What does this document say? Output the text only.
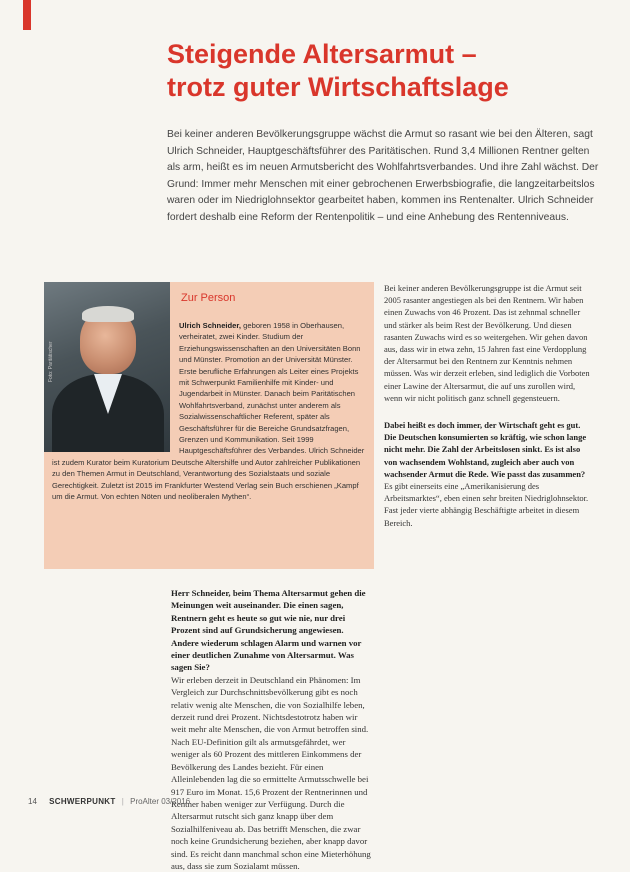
Steigende Altersarmut –
trotz guter Wirtschaftslage

Bei keiner anderen Bevölkerungsgruppe wächst die Armut so rasant wie bei den Älteren, sagt Ulrich Schneider, Hauptgeschäftsführer des Paritätischen. Rund 3,4 Millionen Rentner gelten als arm, heißt es im neuen Armutsbericht des Wohlfahrtsverbandes. Und ihre Zahl wächst. Der Grund: Immer mehr Menschen mit einer gebrochenen Erwerbsbiografie, die langzeitarbeitslos waren oder im Niedriglohnsektor gearbeitet haben, kommen ins Rentenalter. Ulrich Schneider fordert deshalb eine Reform der Rentenpolitik – und eine Anhebung des Rentenniveaus.

Foto: Paritätischer
Zur Person

Ulrich Schneider, geboren 1958 in Oberhausen, verheiratet, zwei Kinder. Studium der Erziehungswissenschaften an den Universitäten Bonn und Münster. Promotion an der Universität Münster. Erste berufliche Erfahrungen als Leiter eines Projekts mit Schwerpunkt Familienhilfe mit Kinder- und Jugendarbeit in Münster. Danach beim Paritätischen Wohlfahrtsverband, zunächst unter anderem als Sozialwissenschaftlicher Referent, später als Geschäftsführer für die Bereiche Grundsatzfragen, Grenzen und Kommunikation. Seit 1999 Hauptgeschäftsführer des Verbandes. Ulrich Schneider ist zudem Kurator beim Kuratorium Deutsche Altershilfe und Autor zahlreicher Publikationen zu den Themen Armut in Deutschland, Verantwortung des Sozialstaats und soziale Gerechtigkeit. Zuletzt ist 2015 im Frankfurter Westend Verlag sein Buch erschienen „Kampf um die Armut. Von echten Nöten und neoliberalen Mythen“.

Herr Schneider, beim Thema Altersarmut gehen die Meinungen weit auseinander. Die einen sagen, Rentnern geht es heute so gut wie nie, nur drei Prozent sind auf Grundsicherung angewiesen. Andere wiederum schlagen Alarm und warnen vor einer deutlichen Zunahme von Altersarmut. Was sagen Sie?
Wir erleben derzeit in Deutschland ein Phänomen: Im Vergleich zur Durchschnittsbevölkerung gibt es noch relativ wenig alte Menschen, die von Sozialhilfe leben, derzeit rund drei Prozent. Nichtsdestotrotz haben wir weit mehr alte Menschen, die von Armut betroffen sind. Nach EU-Definition gilt als armutsgefährdet, wer weniger als 60 Prozent des mittleren Einkommens der Bevölkerung des Landes bezieht. Für einen Alleinlebenden lag die so ermittelte Armutsschwelle bei 917 Euro im Monat. 15,6 Prozent der Rentnerinnen und Rentner haben weniger zur Verfügung. Durch die Altersarmut rutscht sich ganz knapp über dem Sozialhilfeniveau ab. Das betrifft Menschen, die zwar noch keine Grundsicherung beziehen, aber knapp davor sind. Es reicht dann manchmal schon eine Mieterhöhung aus, dass sie zum Sozialamt müssen.

Bei keiner anderen Bevölkerungsgruppe ist die Armut seit 2005 rasanter angestiegen als bei den Rentnern. Wir haben einen Zuwachs von 46 Prozent. Das ist zehnmal schneller und stärker als beim Rest der Bevölkerung. Und diesen rasanten Zuwachs wird es so weitergehen. Wir gehen davon aus, dass wir in etwa zehn, 15 Jahren fast eine Verdopplung der Altersarmut bei den Rentnern zur Kenntnis nehmen müssen. Was wir derzeit erleben, sind lediglich die Vorboten einer Lawine der Altersarmut, die auf uns zurollen wird, wenn wir nicht politisch ganz schnell gegensteuern.

Dabei heißt es doch immer, der Wirtschaft geht es gut. Die Deutschen konsumierten so kräftig, wie schon lange nicht mehr. Die Zahl der Arbeitslosen sinkt. Es ist also von wachsendem Wohlstand, zugleich aber auch von wachsender Armut die Rede. Wie passt das zusammen?

Es gibt einerseits eine „Amerikanisierung des Arbeitsmarktes“, eben einen sehr breiten Niedriglohnsektor. Fast jeder vierte abhängig Beschäftigte arbeitet in diesem Bereich.

14 SCHWERPUNKT | ProAlter 03/2016
